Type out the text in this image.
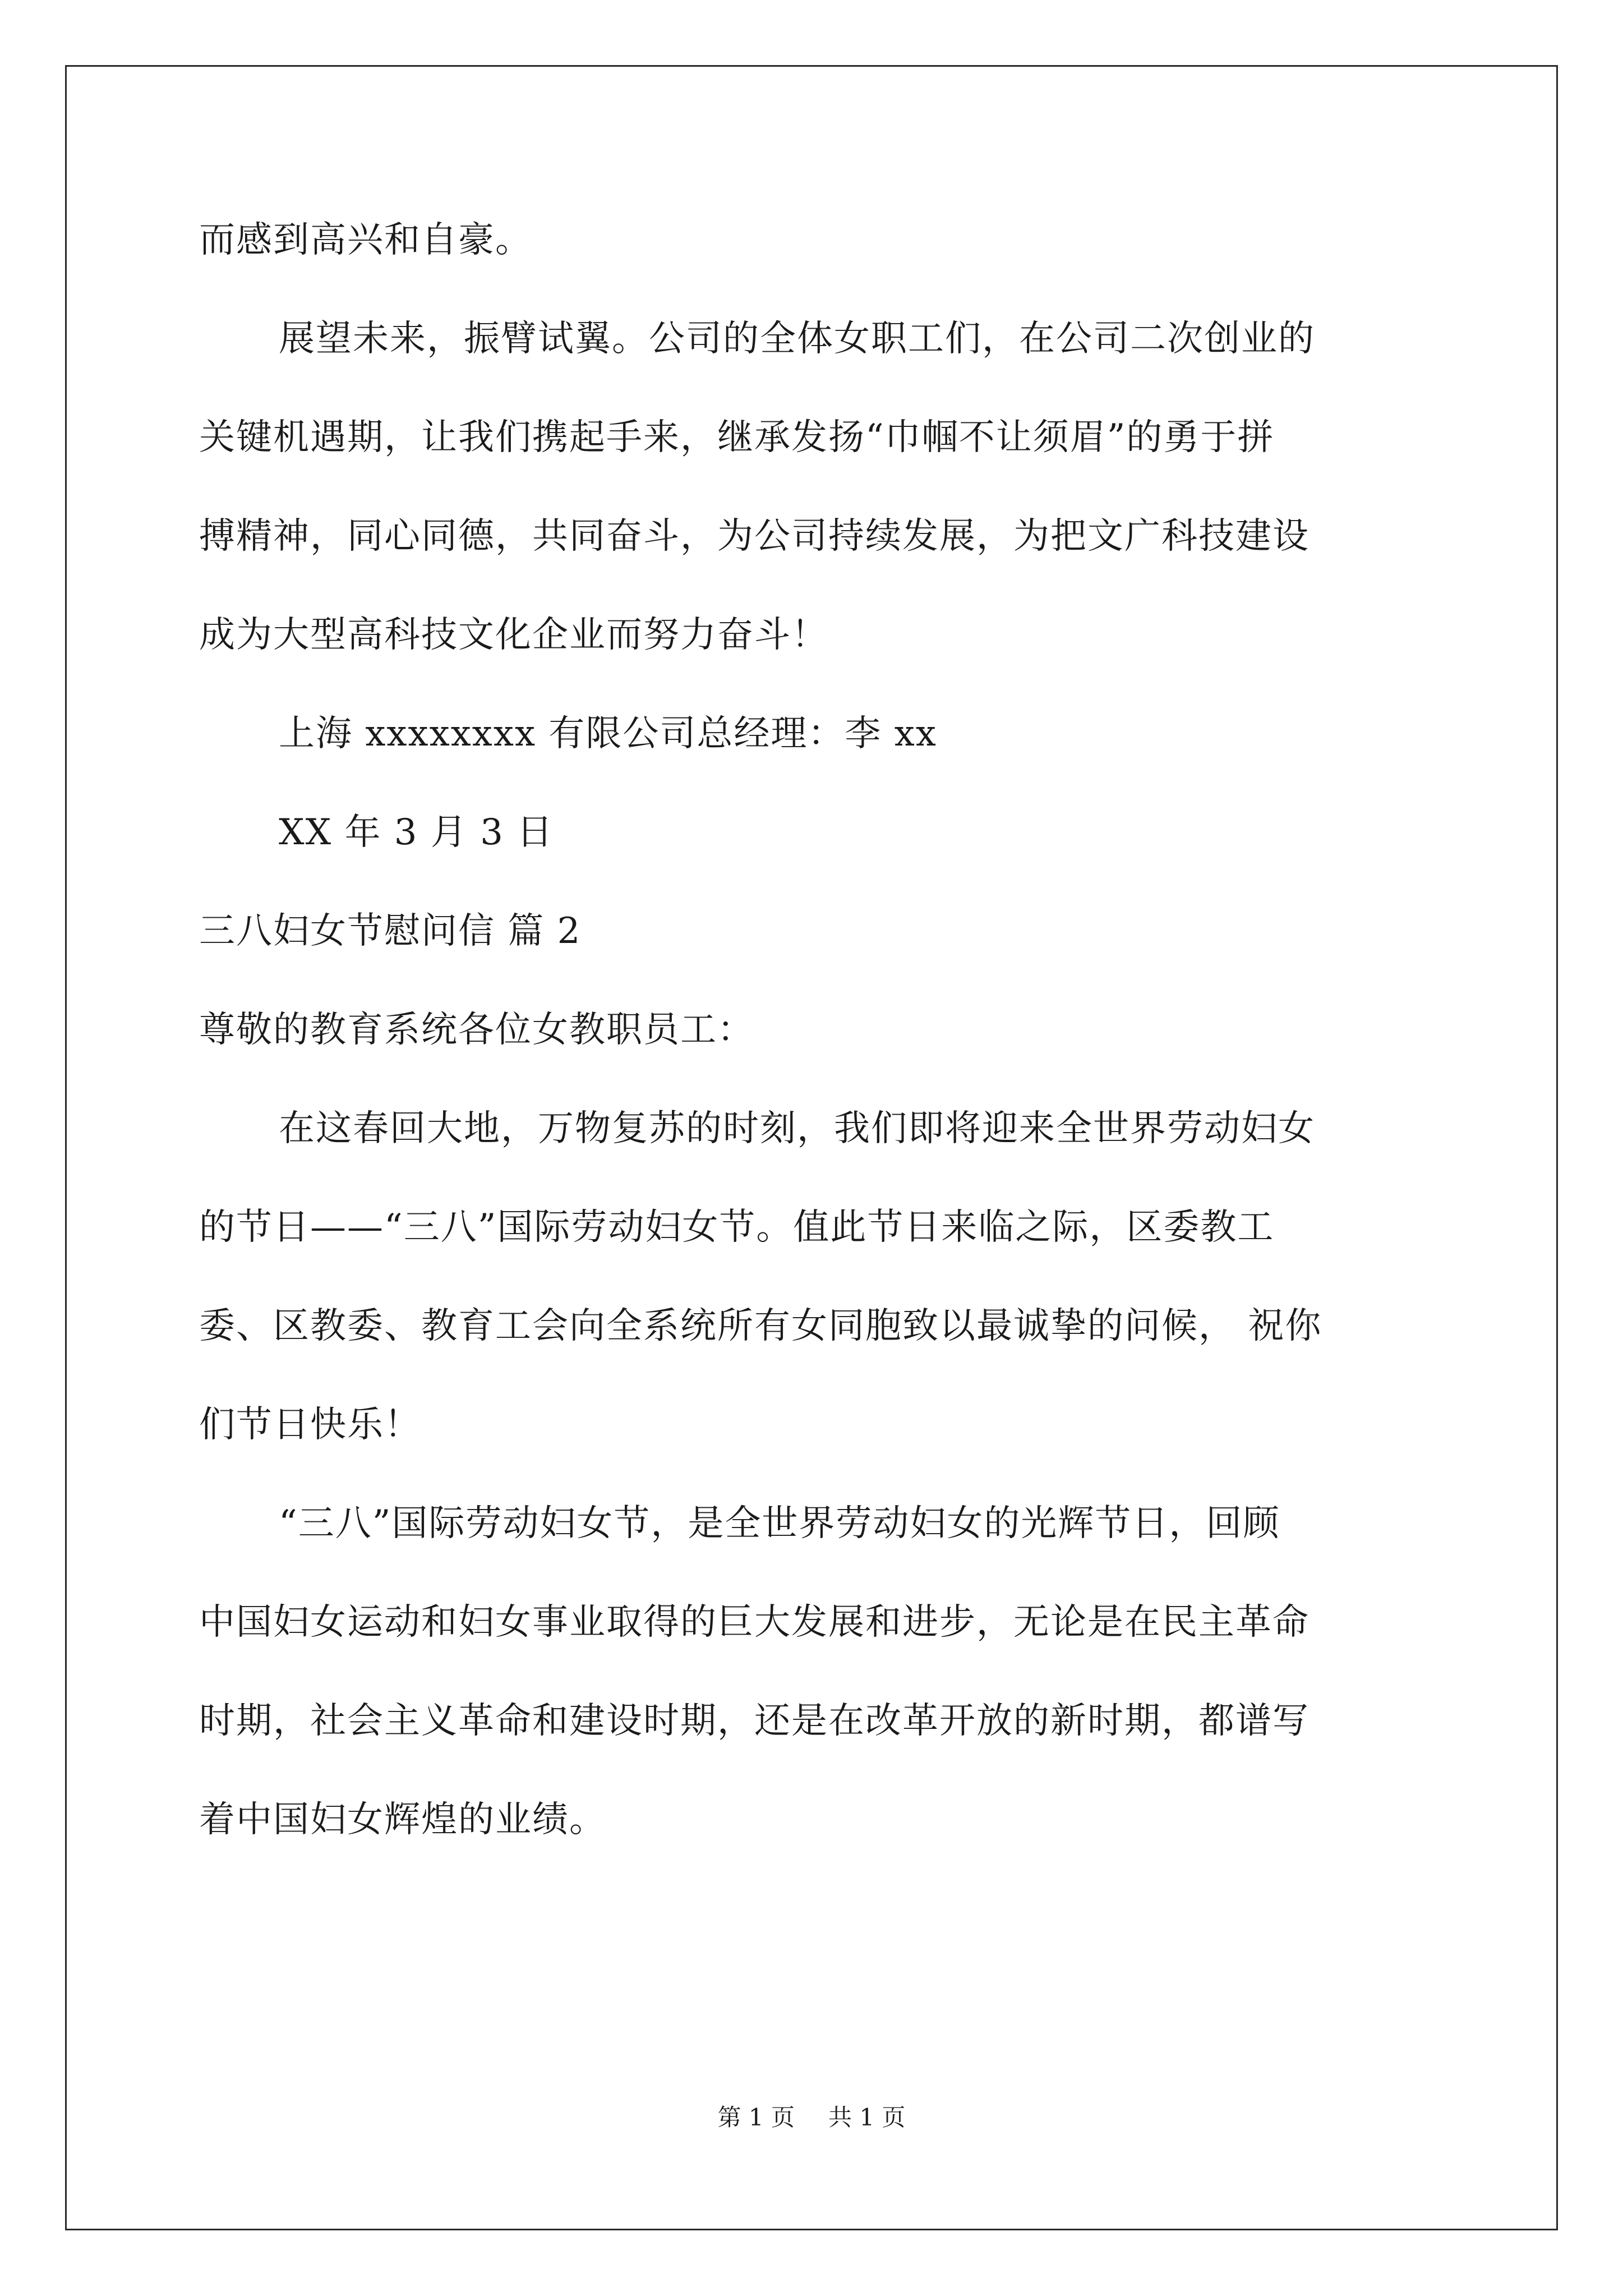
而感到高兴和自豪。
展望未来，振臂试翼。公司的全体女职工们，在公司二次创业的
关键机遇期，让我们携起手来，继承发扬“巾帼不让须眉”的勇于拼
搏精神，同心同德，共同奋斗，为公司持续发展，为把文广科技建设
成为大型高科技文化企业而努力奋斗！
上海 xxxxxxxx 有限公司总经理：李 xx
XX 年 3 月 3 日
三八妇女节慰问信 篇 2
尊敬的教育系统各位女教职员工：
在这春回大地，万物复苏的时刻，我们即将迎来全世界劳动妇女
的节日——“三八”国际劳动妇女节。值此节日来临之际，区委教工
委、区教委、教育工会向全系统所有女同胞致以最诚挚的问候， 祝你
们节日快乐！
“三八”国际劳动妇女节，是全世界劳动妇女的光辉节日，回顾
中国妇女运动和妇女事业取得的巨大发展和进步，无论是在民主革命
时期，社会主义革命和建设时期，还是在改革开放的新时期，都谱写
着中国妇女辉煌的业绩。
第 1 页 共 1 页
